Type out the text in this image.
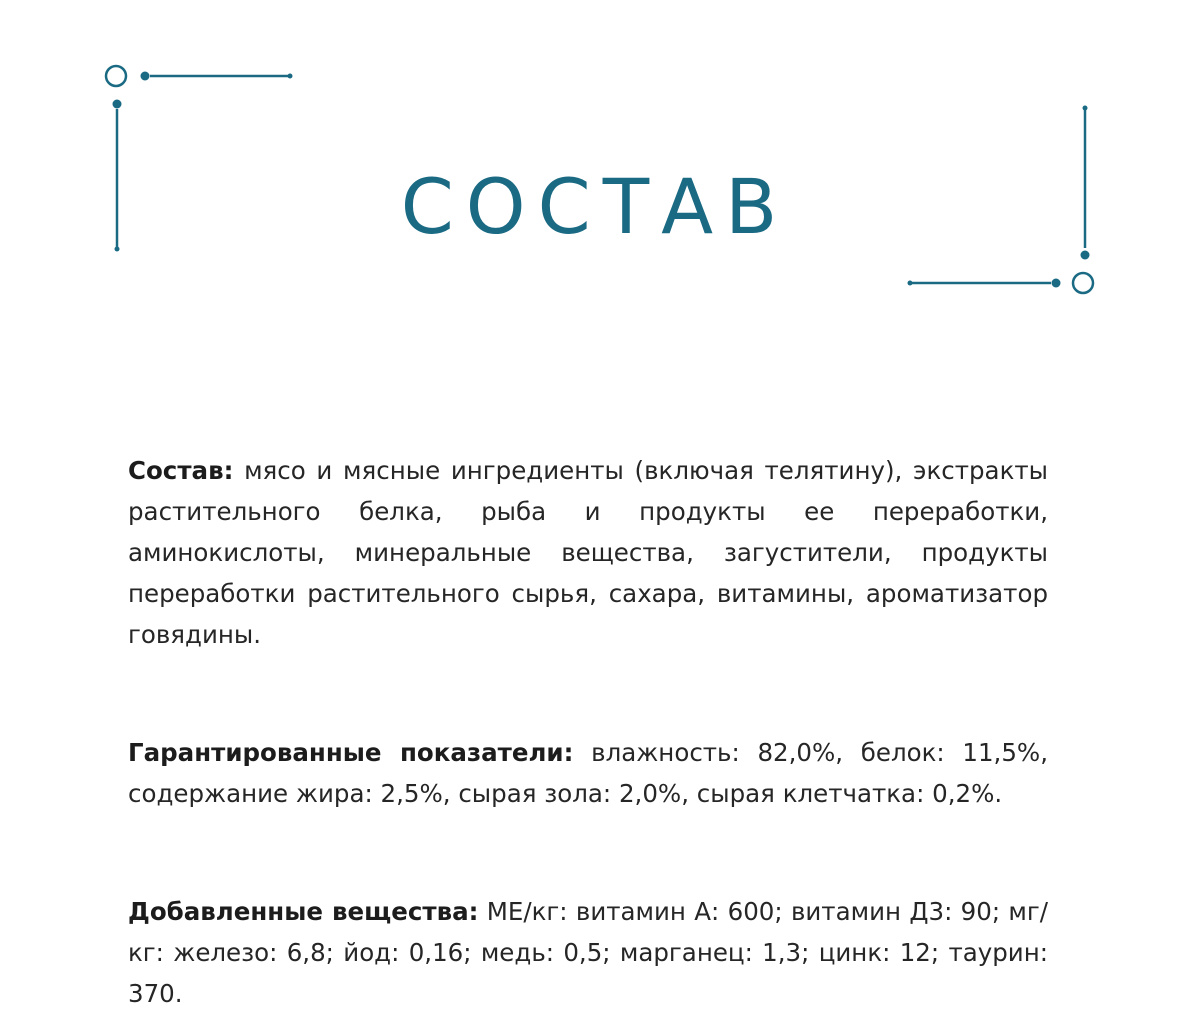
СОСТАВ

Состав: мясо и мясные ингредиенты (включая телятину), экстракты растительного белка, рыба и продукты ее переработки, аминокислоты, минеральные вещества, загустители, продукты переработки растительного сырья, сахара, витамины, ароматизатор говядины.

Гарантированные показатели: влажность: 82,0%, белок: 11,5%, содержание жира: 2,5%, сырая зола: 2,0%, сырая клетчатка: 0,2%.

Добавленные вещества: МЕ/кг: витамин А: 600; витамин Д3: 90; мг/кг: железо: 6,8; йод: 0,16; медь: 0,5; марганец: 1,3; цинк: 12; таурин: 370.
